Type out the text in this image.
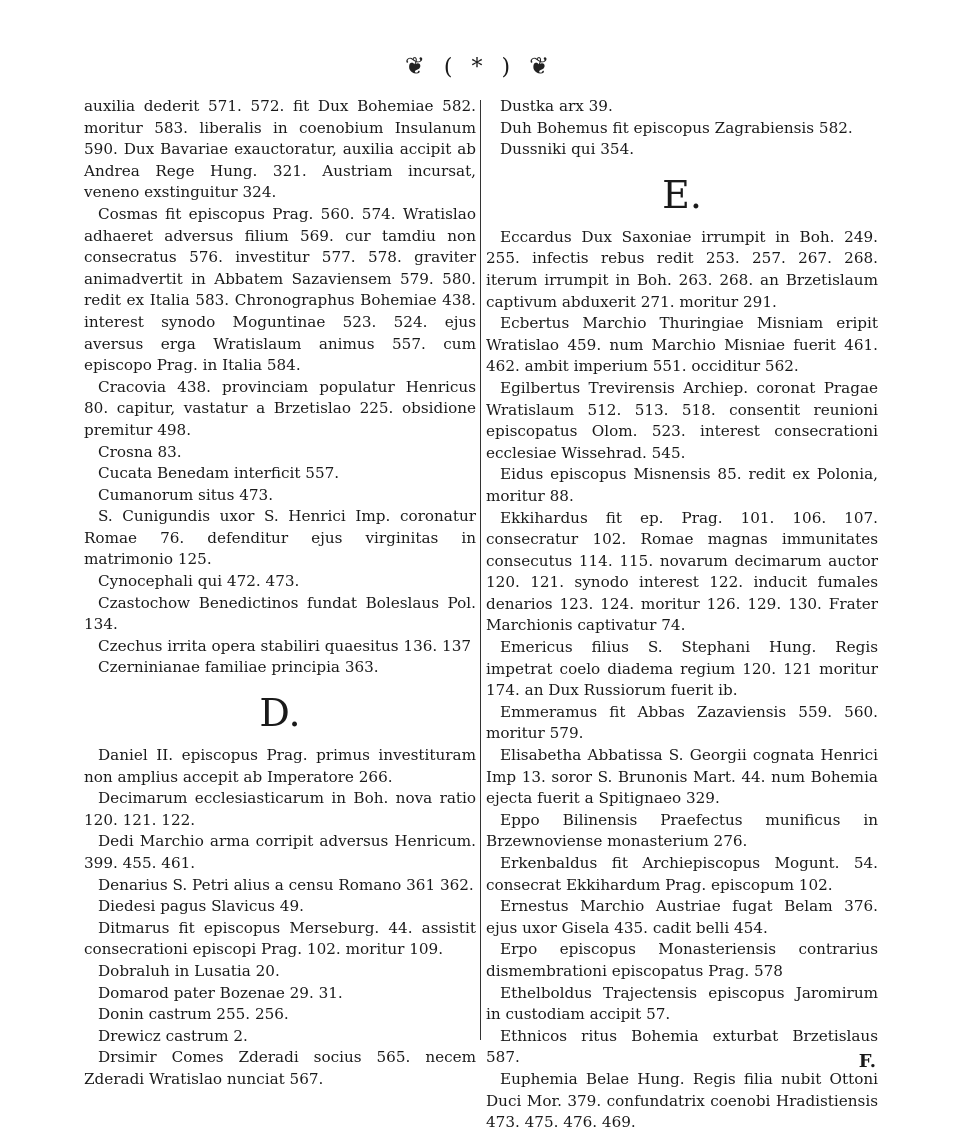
❦ ( * ) ❦

auxilia dederit 571. 572. fit Dux Bohemiae 582. moritur 583. liberalis in coenobium Insulanum 590. Dux Bavariae exauctoratur, auxilia accipit ab Andrea Rege Hung. 321. Austriam incursat, veneno exstinguitur 324.

Cosmas fit episcopus Prag. 560. 574. Wratislao adhaeret adversus filium 569. cur tamdiu non consecratus 576. investitur 577. 578. graviter animadvertit in Abbatem Sazaviensem 579. 580. redit ex Italia 583. Chronographus Bohemiae 438. interest synodo Moguntinae 523. 524. ejus aversus erga Wratislaum animus 557. cum episcopo Prag. in Italia 584.

Cracovia 438. provinciam populatur Henricus 80. capitur, vastatur a Brzetislao 225. obsidione premitur 498.

Crosna 83.

Cucata Benedam interficit 557.

Cumanorum situs 473.

S. Cunigundis uxor S. Henrici Imp. coronatur Romae 76. defenditur ejus virginitas in matrimonio 125.

Cynocephali qui 472. 473.

Czastochow Benedictinos fundat Boleslaus Pol. 134.

Czechus irrita opera stabiliri quaesitus 136. 137

Czerninianae familiae principia 363.

D.

Daniel II. episcopus Prag. primus investituram non amplius accepit ab Imperatore 266.

Decimarum ecclesiasticarum in Boh. nova ratio 120. 121. 122.

Dedi Marchio arma corripit adversus Henricum. 399. 455. 461.

Denarius S. Petri alius a censu Romano 361 362.

Diedesi pagus Slavicus 49.

Ditmarus fit episcopus Merseburg. 44. assistit consecrationi episcopi Prag. 102. moritur 109.

Dobraluh in Lusatia 20.

Domarod pater Bozenae 29. 31.

Donin castrum 255. 256.

Drewicz castrum 2.

Drsimir Comes Zderadi socius 565. necem Zderadi Wratislao nunciat 567.

Dustka arx 39.

Duh Bohemus fit episcopus Zagrabiensis 582.

Dussniki qui 354.

E.

Eccardus Dux Saxoniae irrumpit in Boh. 249. 255. infectis rebus redit 253. 257. 267. 268. iterum irrumpit in Boh. 263. 268. an Brzetislaum captivum abduxerit 271. moritur 291.

Ecbertus Marchio Thuringiae Misniam eripit Wratislao 459. num Marchio Misniae fuerit 461. 462. ambit imperium 551. occiditur 562.

Egilbertus Trevirensis Archiep. coronat Pragae Wratislaum 512. 513. 518. consentit reunioni episcopatus Olom. 523. interest consecrationi ecclesiae Wissehrad. 545.

Eidus episcopus Misnensis 85. redit ex Polonia, moritur 88.

Ekkihardus fit ep. Prag. 101. 106. 107. consecratur 102. Romae magnas immunitates consecutus 114. 115. novarum decimarum auctor 120. 121. synodo interest 122. inducit fumales denarios 123. 124. moritur 126. 129. 130. Frater Marchionis captivatur 74.

Emericus filius S. Stephani Hung. Regis impetrat coelo diadema regium 120. 121 moritur 174. an Dux Russiorum fuerit ib.

Emmeramus fit Abbas Zazaviensis 559. 560. moritur 579.

Elisabetha Abbatissa S. Georgii cognata Henrici Imp 13. soror S. Brunonis Mart. 44. num Bohemia ejecta fuerit a Spitignaeo 329.

Eppo Bilinensis Praefectus munificus in Brzewnoviense monasterium 276.

Erkenbaldus fit Archiepiscopus Mogunt. 54. consecrat Ekkihardum Prag. episcopum 102.

Ernestus Marchio Austriae fugat Belam 376. ejus uxor Gisela 435. cadit belli 454.

Erpo episcopus Monasteriensis contrarius dismembrationi episcopatus Prag. 578

Ethelboldus Trajectensis episcopus Jaromirum in custodiam accipit 57.

Ethnicos ritus Bohemia exturbat Brzetislaus 587.

Euphemia Belae Hung. Regis filia nubit Ottoni Duci Mor. 379. confundatrix coenobi Hradistiensis 473. 475. 476. 469.

F.
